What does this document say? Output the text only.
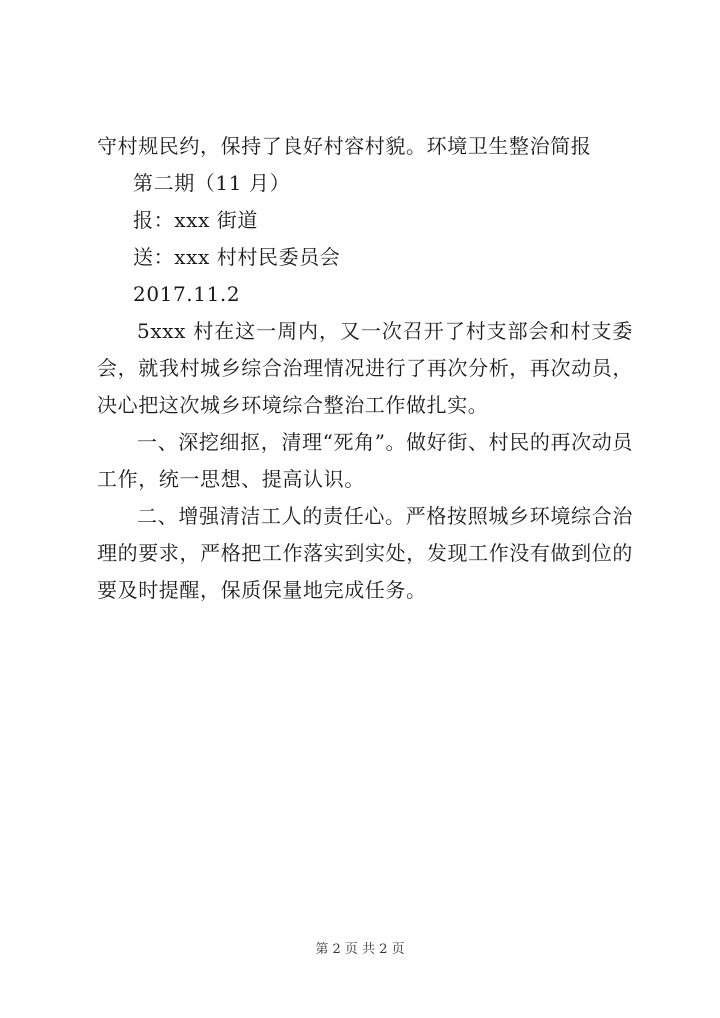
守村规民约，保持了良好村容村貌。环境卫生整治简报
第二期（11 月）
报：xxx 街道
送：xxx 村村民委员会
2017.11.2

5xxx 村在这一周内，又一次召开了村支部会和村支委会，就我村城乡综合治理情况进行了再次分析，再次动员，决心把这次城乡环境综合整治工作做扎实。

一、深挖细抠，清理“死角”。做好街、村民的再次动员工作，统一思想、提高认识。

二、增强清洁工人的责任心。严格按照城乡环境综合治理的要求，严格把工作落实到实处，发现工作没有做到位的要及时提醒，保质保量地完成任务。

第 2 页 共 2 页
